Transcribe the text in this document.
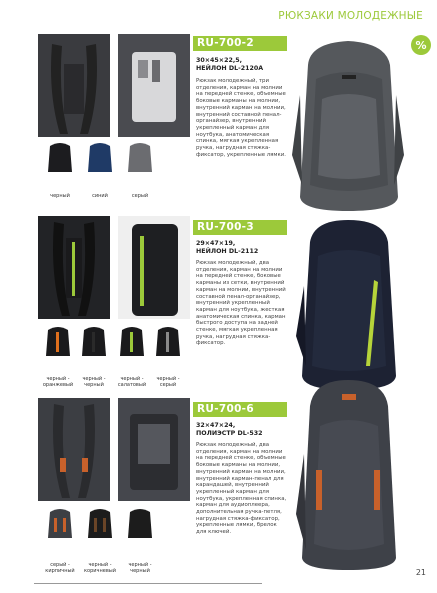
РЮКЗАКИ МОЛОДЕЖНЫЕ
%
RU-700-2
30×45×22,5,
НЕЙЛОН DL-2120A
Рюкзак молодежный, три отделения, карман на молнии на передней стенке, объемные боковые карманы на молнии, внутренний карман на молнии, внутренний составной пенал-органайзер, внутренний укрепленный карман для ноутбука, анатомическая спинка, мягкая укрепленная ручка, нагрудная стяжка-фиксатор, укрепленные лямки.
черный	синий	серый
RU-700-3
29×47×19,
НЕЙЛОН DL-2112
Рюкзак молодежный, два отделения, карман на молнии на передней стенке, боковые карманы из сетки, внутренний карман на молнии, внутренний составной пенал-органайзер, внутренний укрепленный карман для ноутбука, жесткая анатомическая спинка, карман быстрого доступа на задней стенке, мягкая укрепленная ручка, нагрудная стяжка-фиксатор.
черный - оранжевый
черный - черный
черный - салатовый
черный - серый
RU-700-6
32×47×24,
ПОЛИЭСТР DL-532
Рюкзак молодежный, два отделения, карман на молнии на передней стенке, объемные боковые карманы на молнии, внутренний карман на молнии, внутренний карман-пенал для карандашей, внутренний укрепленный карман для ноутбука, укрепленная спинка, карман для аудиоплеера, дополнительная ручка-петля, нагрудная стяжка-фиксатор, укрепленные лямки, брелок для ключей.
серый - кирпичный
черный - коричневый
черный - черный	21
